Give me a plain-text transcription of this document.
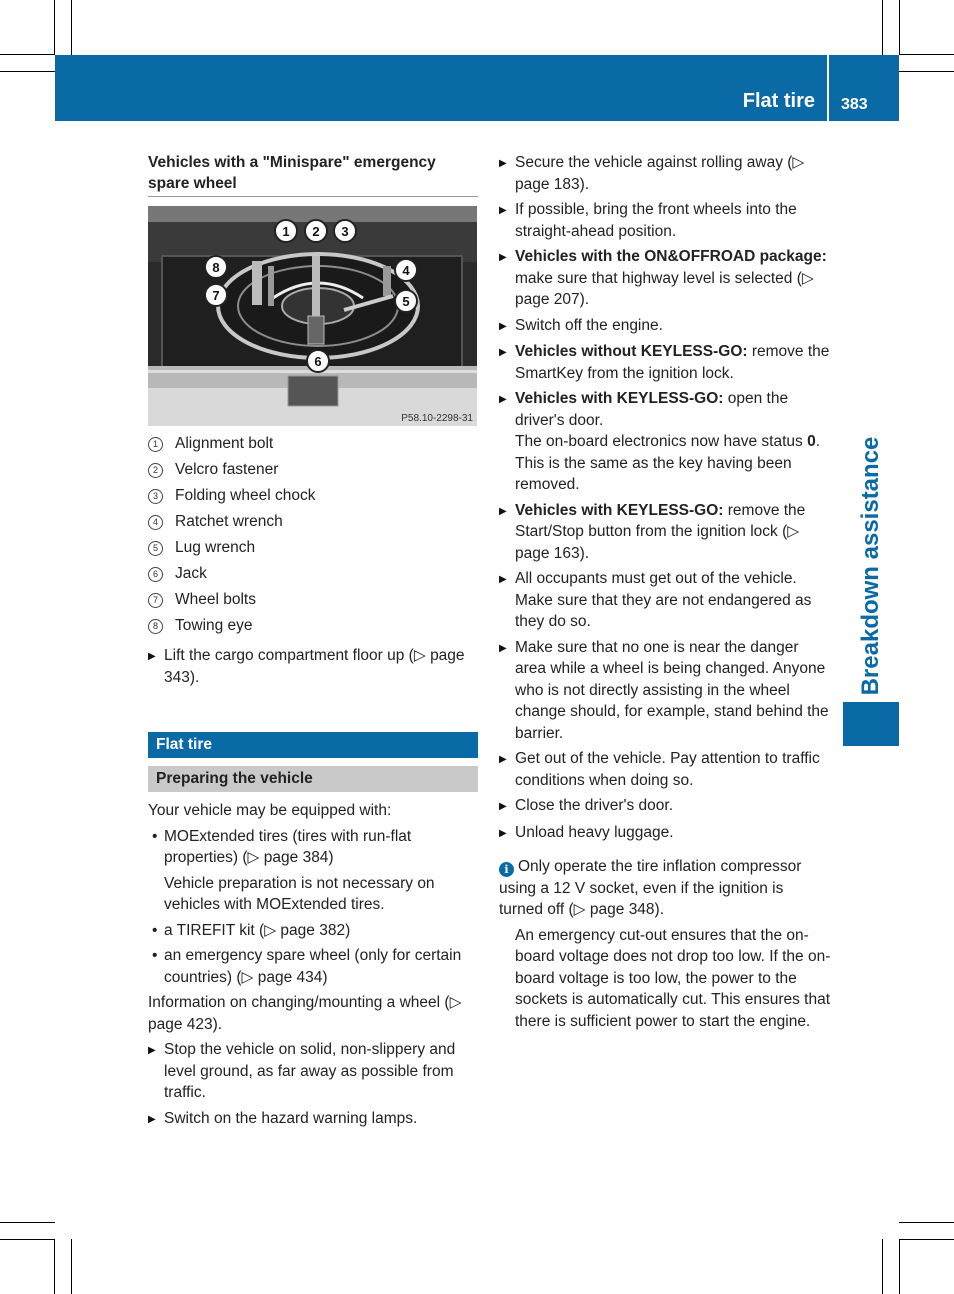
Flat tire 383
Breakdown assistance
Vehicles with a "Minispare" emergency spare wheel
1 2 3
4
5
6
7
8
P58.10-2298-31
1	Alignment bolt
2	Velcro fastener
3	Folding wheel chock
4	Ratchet wrench
5	Lug wrench
6	Jack
7	Wheel bolts
8	Towing eye
▶ Lift the cargo compartment floor up (▷ page 343).
Flat tire
Preparing the vehicle
Your vehicle may be equipped with:
• MOExtended tires (tires with run-flat properties) (▷ page 384)
Vehicle preparation is not necessary on vehicles with MOExtended tires.
• a TIREFIT kit (▷ page 382)
• an emergency spare wheel (only for certain countries) (▷ page 434)
Information on changing/mounting a wheel (▷ page 423).
▶ Stop the vehicle on solid, non-slippery and level ground, as far away as possible from traffic.
▶ Switch on the hazard warning lamps.
▶ Secure the vehicle against rolling away (▷ page 183).
▶ If possible, bring the front wheels into the straight-ahead position.
▶ Vehicles with the ON&OFFROAD package: make sure that highway level is selected (▷ page 207).
▶ Switch off the engine.
▶ Vehicles without KEYLESS-GO: remove the SmartKey from the ignition lock.
▶ Vehicles with KEYLESS-GO: open the driver's door.
The on-board electronics now have status 0. This is the same as the key having been removed.
▶ Vehicles with KEYLESS-GO: remove the Start/Stop button from the ignition lock (▷ page 163).
▶ All occupants must get out of the vehicle. Make sure that they are not endangered as they do so.
▶ Make sure that no one is near the danger area while a wheel is being changed. Anyone who is not directly assisting in the wheel change should, for example, stand behind the barrier.
▶ Get out of the vehicle. Pay attention to traffic conditions when doing so.
▶ Close the driver's door.
▶ Unload heavy luggage.
i Only operate the tire inflation compressor using a 12 V socket, even if the ignition is turned off (▷ page 348).
An emergency cut-out ensures that the on-board voltage does not drop too low. If the on-board voltage is too low, the power to the sockets is automatically cut. This ensures that there is sufficient power to start the engine.
